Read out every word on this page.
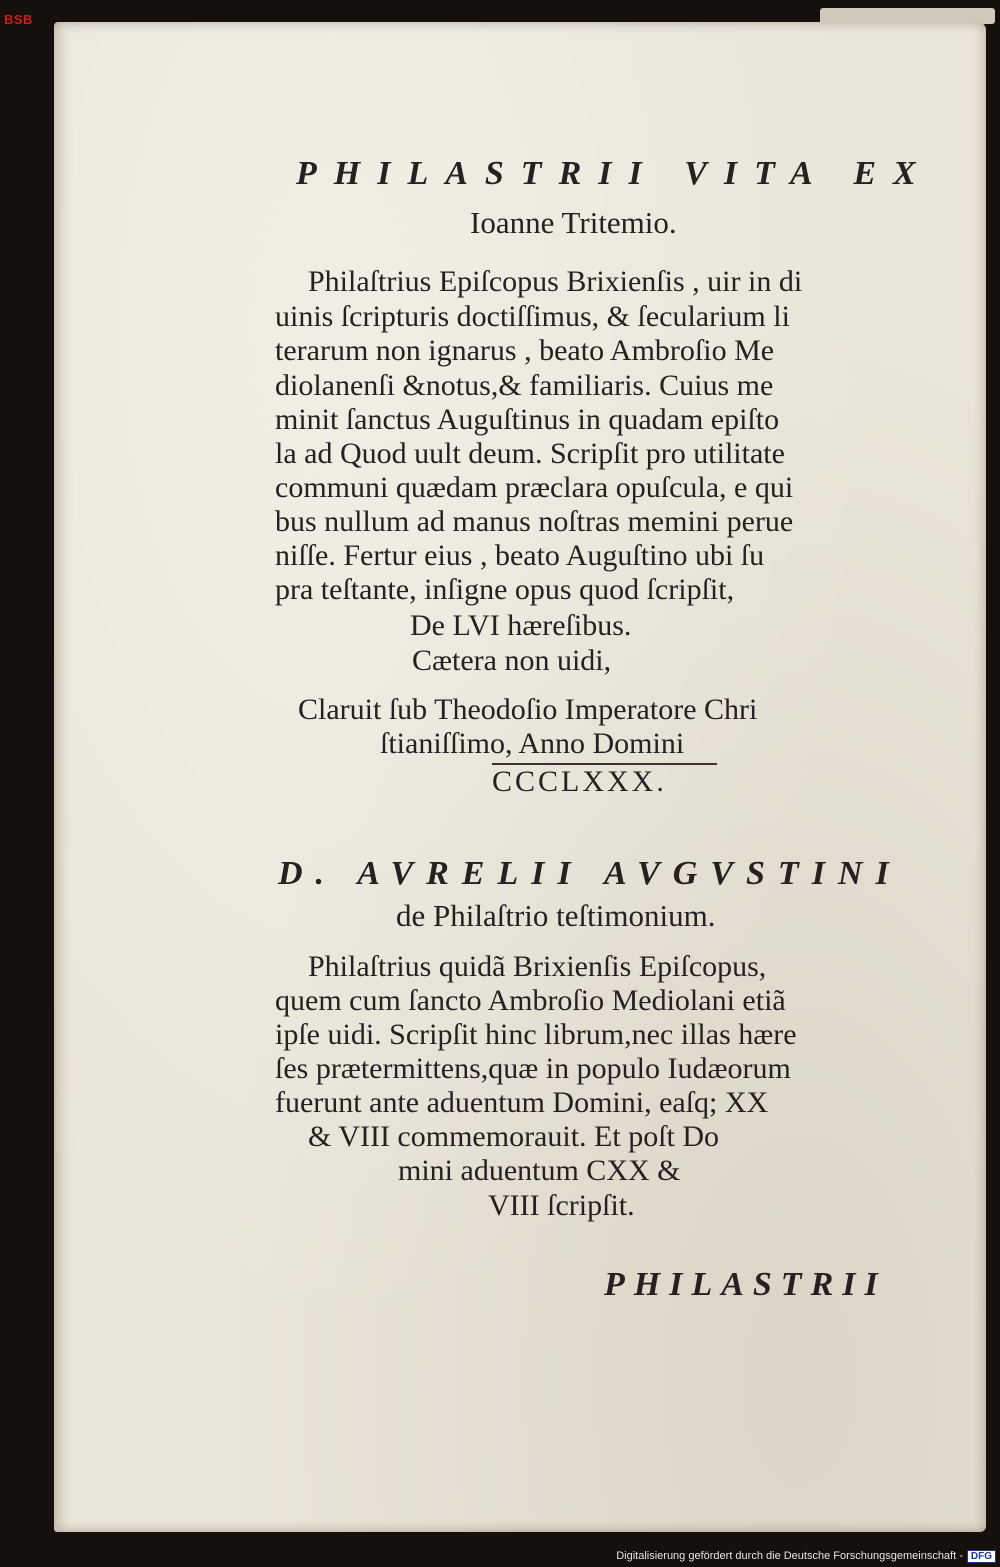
BSB
PHILASTRII VITA EX
Ioanne Tritemio.
Philaſtrius Epiſcopus Brixienſis , uir in di
uinis ſcripturis doctiſſimus, & ſecularium li
terarum non ignarus , beato Ambroſio Me
diolanenſi &notus,& familiaris. Cuius me
minit ſanctus Auguſtinus in quadam epiſto
la ad Quod uult deum. Scripſit pro utilitate
communi quædam præclara opuſcula, e qui
bus nullum ad manus noſtras memini perue
niſſe. Fertur eius , beato Auguſtino ubi ſu
pra teſtante, inſigne opus quod ſcripſit,
De LVI hæreſibus.
Cætera non uidi,
Claruit ſub Theodoſio Imperatore Chri
ſtianiſſimo, Anno Domini
CCCLXXX.
D. AVRELII AVGVSTINI
de Philaſtrio teſtimonium.
Philaſtrius quidã Brixienſis Epiſcopus,
quem cum ſancto Ambroſio Mediolani etiã
ipſe uidi. Scripſit hinc librum,nec illas hære
ſes prætermittens,quæ in populo Iudæorum
fuerunt ante aduentum Domini, eaſq; XX
& VIII commemorauit. Et poſt Do
mini aduentum CXX &
VIII ſcripſit.
PHILASTRII
Digitalisierung gefördert durch die Deutsche Forschungsgemeinschaft - DFG
